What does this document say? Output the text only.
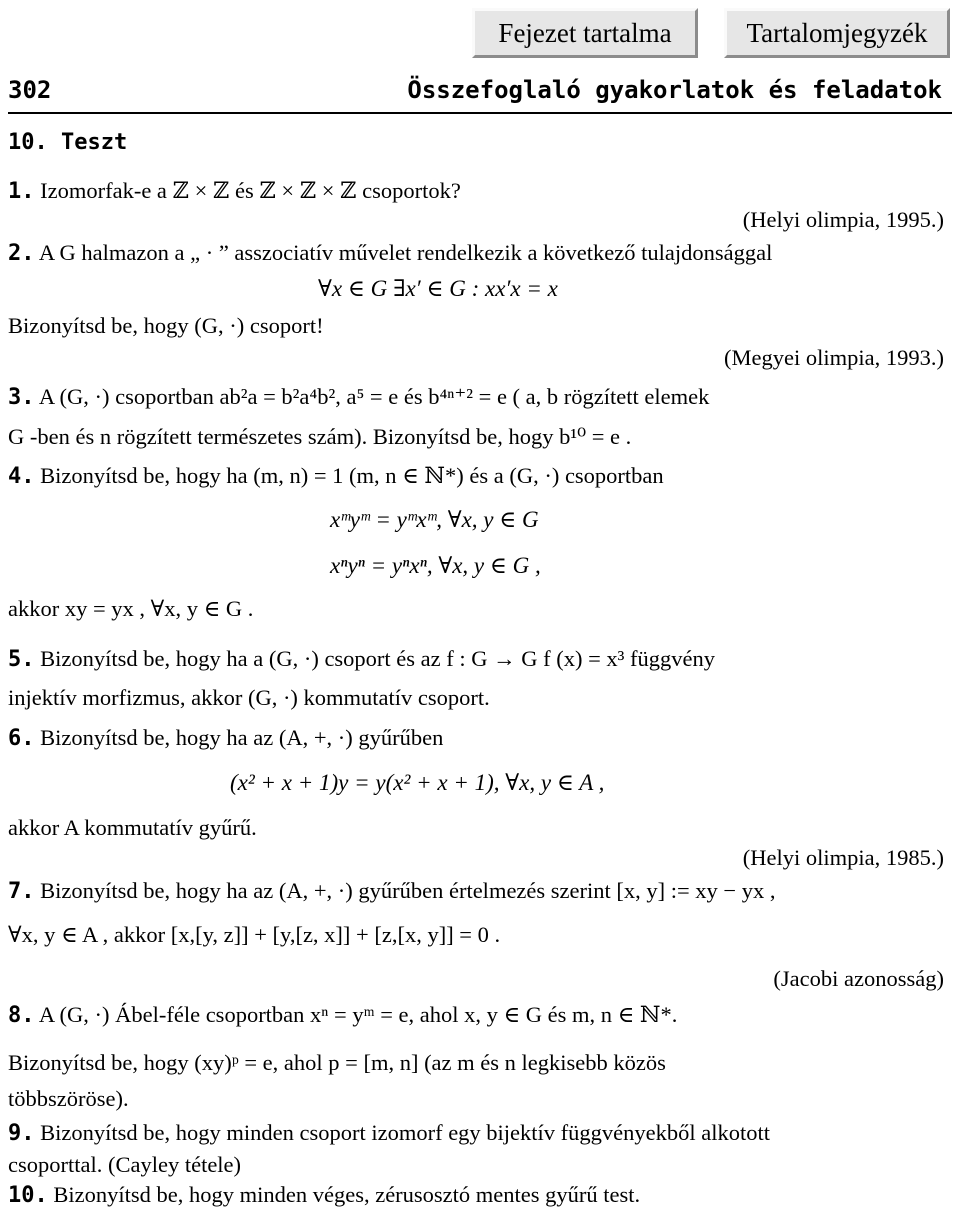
Fejezet tartalma	Tartalomjegyzék
302	Összefoglaló gyakorlatok és feladatok
10. Teszt
1. Izomorfak-e a ℤ × ℤ és ℤ × ℤ × ℤ csoportok?
(Helyi olimpia, 1995.)
2. A G halmazon a „ · ” asszociatív művelet rendelkezik a következő tulajdonsággal
∀x ∈ G ∃x′ ∈ G : xx′x = x
Bizonyítsd be, hogy (G, ·) csoport!
(Megyei olimpia, 1993.)
3. A (G, ·) csoportban ab²a = b²a⁴b², a⁵ = e és b⁴ⁿ⁺² = e ( a, b rögzített elemek
G -ben és n rögzített természetes szám). Bizonyítsd be, hogy b¹⁰ = e .
4. Bizonyítsd be, hogy ha (m, n) = 1 (m, n ∈ ℕ*) és a (G, ·) csoportban
xᵐyᵐ = yᵐxᵐ, ∀x, y ∈ G
xⁿyⁿ = yⁿxⁿ, ∀x, y ∈ G ,
akkor xy = yx , ∀x, y ∈ G .
5. Bizonyítsd be, hogy ha a (G, ·) csoport és az f : G → G f (x) = x³ függvény
injektív morfizmus, akkor (G, ·) kommutatív csoport.
6. Bizonyítsd be, hogy ha az (A, +, ·) gyűrűben
(x² + x + 1)y = y(x² + x + 1), ∀x, y ∈ A ,
akkor A kommutatív gyűrű.
(Helyi olimpia, 1985.)
7. Bizonyítsd be, hogy ha az (A, +, ·) gyűrűben értelmezés szerint [x, y] := xy − yx ,
∀x, y ∈ A , akkor [x,[y, z]] + [y,[z, x]] + [z,[x, y]] = 0 .
(Jacobi azonosság)
8. A (G, ·) Ábel-féle csoportban xⁿ = yᵐ = e, ahol x, y ∈ G és m, n ∈ ℕ*.
Bizonyítsd be, hogy (xy)ᵖ = e, ahol p = [m, n] (az m és n legkisebb közös
többszöröse).
9. Bizonyítsd be, hogy minden csoport izomorf egy bijektív függvényekből alkotott
csoporttal. (Cayley tétele)
10. Bizonyítsd be, hogy minden véges, zérusosztó mentes gyűrű test.
